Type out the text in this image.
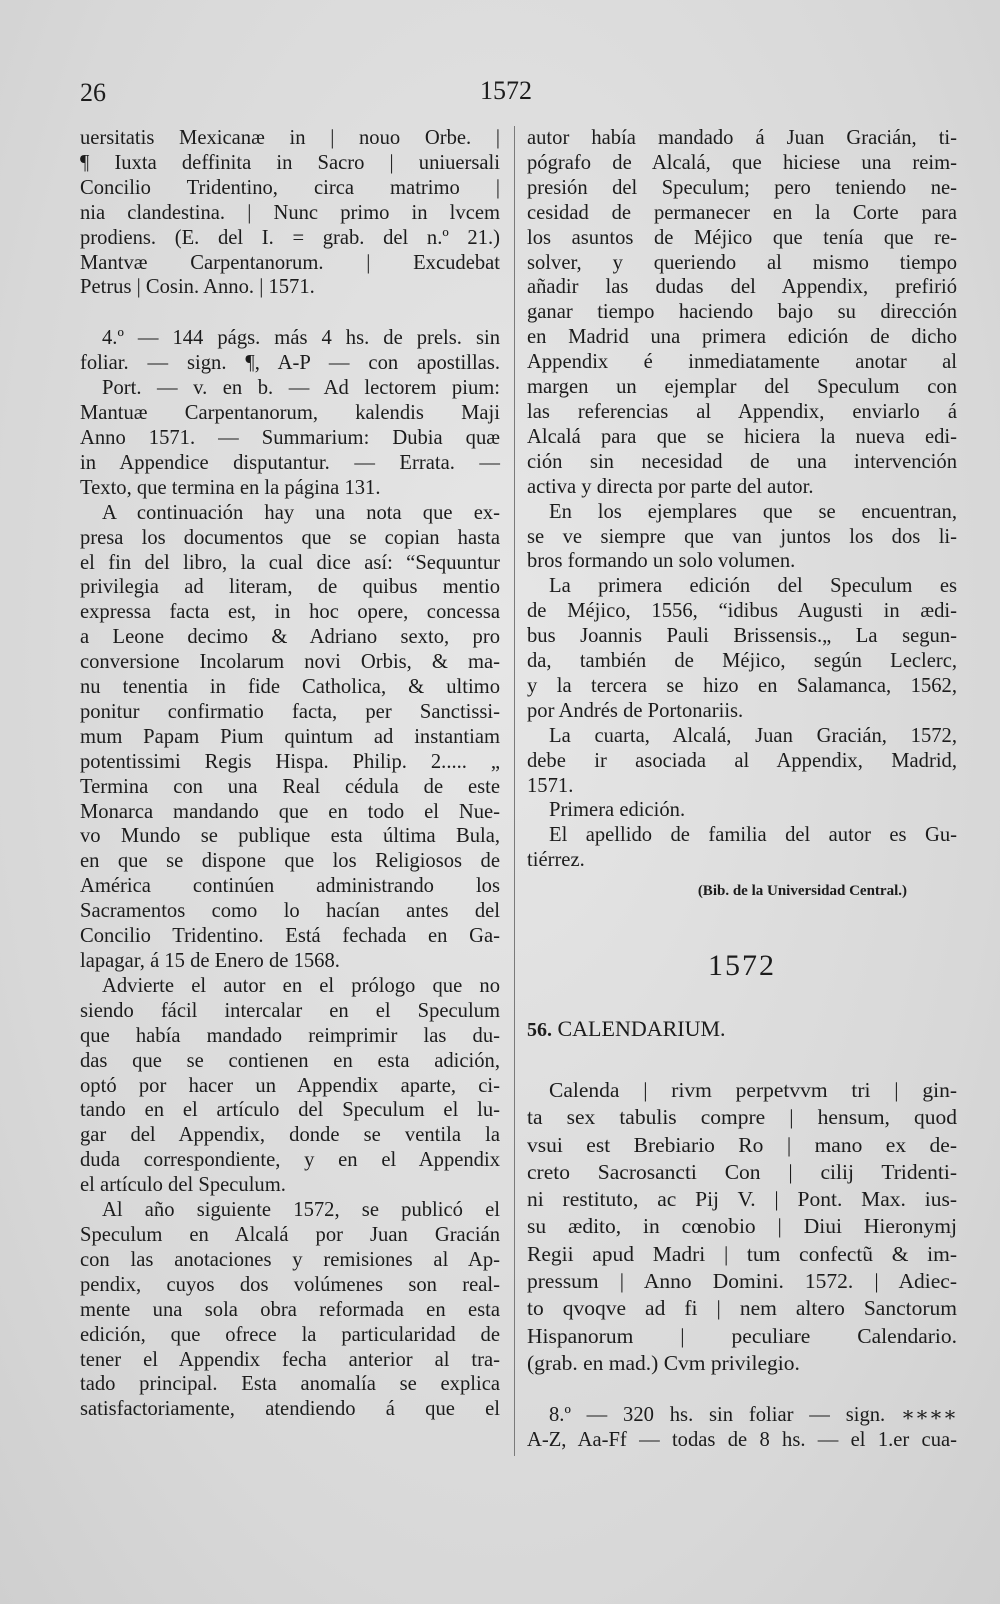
26	1572
uersitatis Mexicanæ in | nouo Orbe. |
¶ Iuxta deffinita in Sacro | uniuersali
Concilio Tridentino, circa matrimo |
nia clandestina. | Nunc primo in lvcem
prodiens. (E. del I. = grab. del n.º 21.)
Mantvæ Carpentanorum. | Excudebat
Petrus | Cosin. Anno. | 1571.

4.º — 144 págs. más 4 hs. de prels. sin
foliar. — sign. ¶, A-P — con apostillas.
Port. — v. en b. — Ad lectorem pium:
Mantuæ Carpentanorum, kalendis Maji
Anno 1571. — Summarium: Dubia quæ
in Appendice disputantur. — Errata. —
Texto, que termina en la página 131.
A continuación hay una nota que ex-
presa los documentos que se copian hasta
el fin del libro, la cual dice así: “Sequuntur
privilegia ad literam, de quibus mentio
expressa facta est, in hoc opere, concessa
a Leone decimo & Adriano sexto, pro
conversione Incolarum novi Orbis, & ma-
nu tenentia in fide Catholica, & ultimo
ponitur confirmatio facta, per Sanctissi-
mum Papam Pium quintum ad instantiam
potentissimi Regis Hispa. Philip. 2..... „
Termina con una Real cédula de este
Monarca mandando que en todo el Nue-
vo Mundo se publique esta última Bula,
en que se dispone que los Religiosos de
América continúen administrando los
Sacramentos como lo hacían antes del
Concilio Tridentino. Está fechada en Ga-
lapagar, á 15 de Enero de 1568.
Advierte el autor en el prólogo que no
siendo fácil intercalar en el Speculum
que había mandado reimprimir las du-
das que se contienen en esta adición,
optó por hacer un Appendix aparte, ci-
tando en el artículo del Speculum el lu-
gar del Appendix, donde se ventila la
duda correspondiente, y en el Appendix
el artículo del Speculum.
Al año siguiente 1572, se publicó el
Speculum en Alcalá por Juan Gracián
con las anotaciones y remisiones al Ap-
pendix, cuyos dos volúmenes son real-
mente una sola obra reformada en esta
edición, que ofrece la particularidad de
tener el Appendix fecha anterior al tra-
tado principal. Esta anomalía se explica
satisfactoriamente, atendiendo á que el
autor había mandado á Juan Gracián, ti-
pógrafo de Alcalá, que hiciese una reim-
presión del Speculum; pero teniendo ne-
cesidad de permanecer en la Corte para
los asuntos de Méjico que tenía que re-
solver, y queriendo al mismo tiempo
añadir las dudas del Appendix, prefirió
ganar tiempo haciendo bajo su dirección
en Madrid una primera edición de dicho
Appendix é inmediatamente anotar al
margen un ejemplar del Speculum con
las referencias al Appendix, enviarlo á
Alcalá para que se hiciera la nueva edi-
ción sin necesidad de una intervención
activa y directa por parte del autor.
En los ejemplares que se encuentran,
se ve siempre que van juntos los dos li-
bros formando un solo volumen.
La primera edición del Speculum es
de Méjico, 1556, “idibus Augusti in ædi-
bus Joannis Pauli Brissensis.„ La segun-
da, también de Méjico, según Leclerc,
y la tercera se hizo en Salamanca, 1562,
por Andrés de Portonariis.
La cuarta, Alcalá, Juan Gracián, 1572,
debe ir asociada al Appendix, Madrid,
1571.
Primera edición.
El apellido de familia del autor es Gu-
tiérrez.
(Bib. de la Universidad Central.)
1572
56. CALENDARIUM.
Calenda | rivm perpetvvm tri | gin-
ta sex tabulis compre | hensum, quod
vsui est Brebiario Ro | mano ex de-
creto Sacrosancti Con | cilij Tridenti-
ni restituto, ac Pij V. | Pont. Max. ius-
su ædito, in cœnobio | Diui Hieronymj
Regii apud Madri | tum confectũ & im-
pressum | Anno Domini. 1572. | Adiec-
to qvoqve ad fi | nem altero Sanctorum
Hispanorum | peculiare Calendario.
(grab. en mad.) Cvm privilegio.
8.º — 320 hs. sin foliar — sign. ∗∗∗∗
A-Z, Aa-Ff — todas de 8 hs. — el 1.er cua-
